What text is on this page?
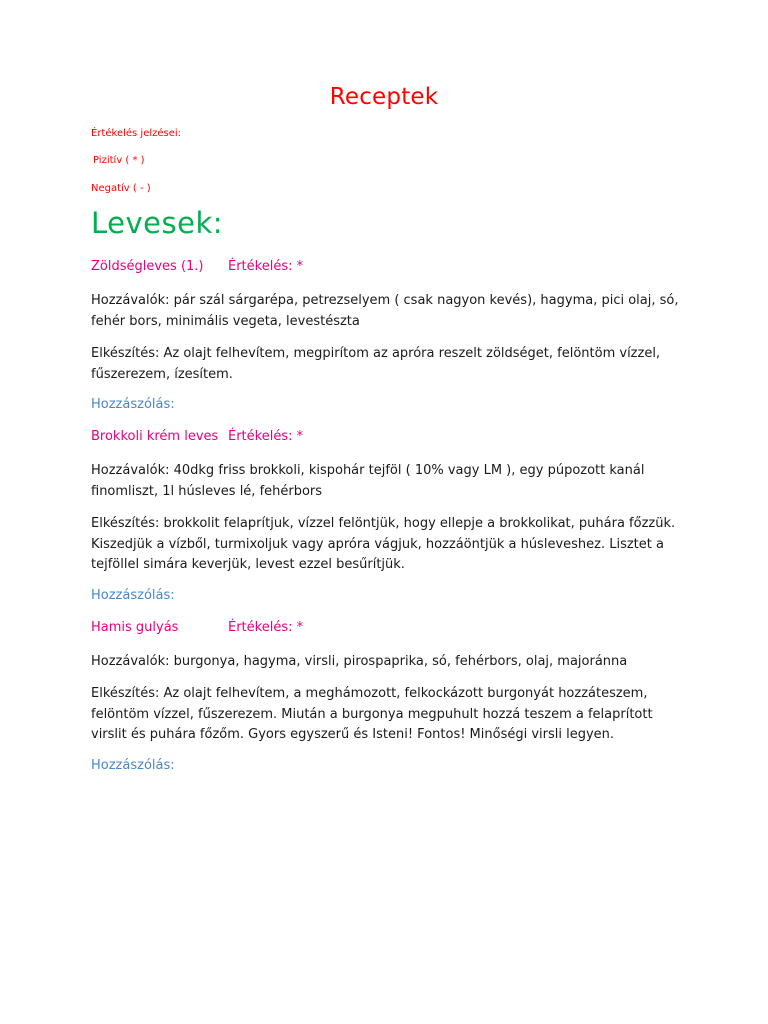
Receptek
Értékelés jelzései:
Pizitív ( * )
Negatív ( - )
Levesek:
Zöldségleves (1.) Értékelés: *

Hozzávalók: pár szál sárgarépa, petrezselyem ( csak nagyon kevés), hagyma, pici olaj, só, fehér bors, minimális vegeta, levestészta

Elkészítés: Az olajt felhevítem, megpirítom az apróra reszelt zöldséget, felöntöm vízzel, fűszerezem, ízesítem.

Hozzászólás:
Brokkoli krém leves Értékelés: *

Hozzávalók: 40dkg friss brokkoli, kispohár tejföl ( 10% vagy LM ), egy púpozott kanál finomliszt, 1l húsleves lé, fehérbors

Elkészítés: brokkolit felaprítjuk, vízzel felöntjük, hogy ellepje a brokkolikat, puhára főzzük. Kiszedjük a vízből, turmixoljuk vagy apróra vágjuk, hozzáöntjük a húsleveshez. Lisztet a tejföllel simára keverjük, levest ezzel besűrítjük.

Hozzászólás:
Hamis gulyás	Értékelés: *

Hozzávalók: burgonya, hagyma, virsli, pirospaprika, só, fehérbors, olaj, majoránna

Elkészítés: Az olajt felhevítem, a meghámozott, felkockázott burgonyát hozzáteszem, felöntöm vízzel, fűszerezem. Miután a burgonya megpuhult hozzá teszem a felaprított virslit és puhára főzőm. Gyors egyszerű és Isteni! Fontos! Minőségi virsli legyen.

Hozzászólás:
